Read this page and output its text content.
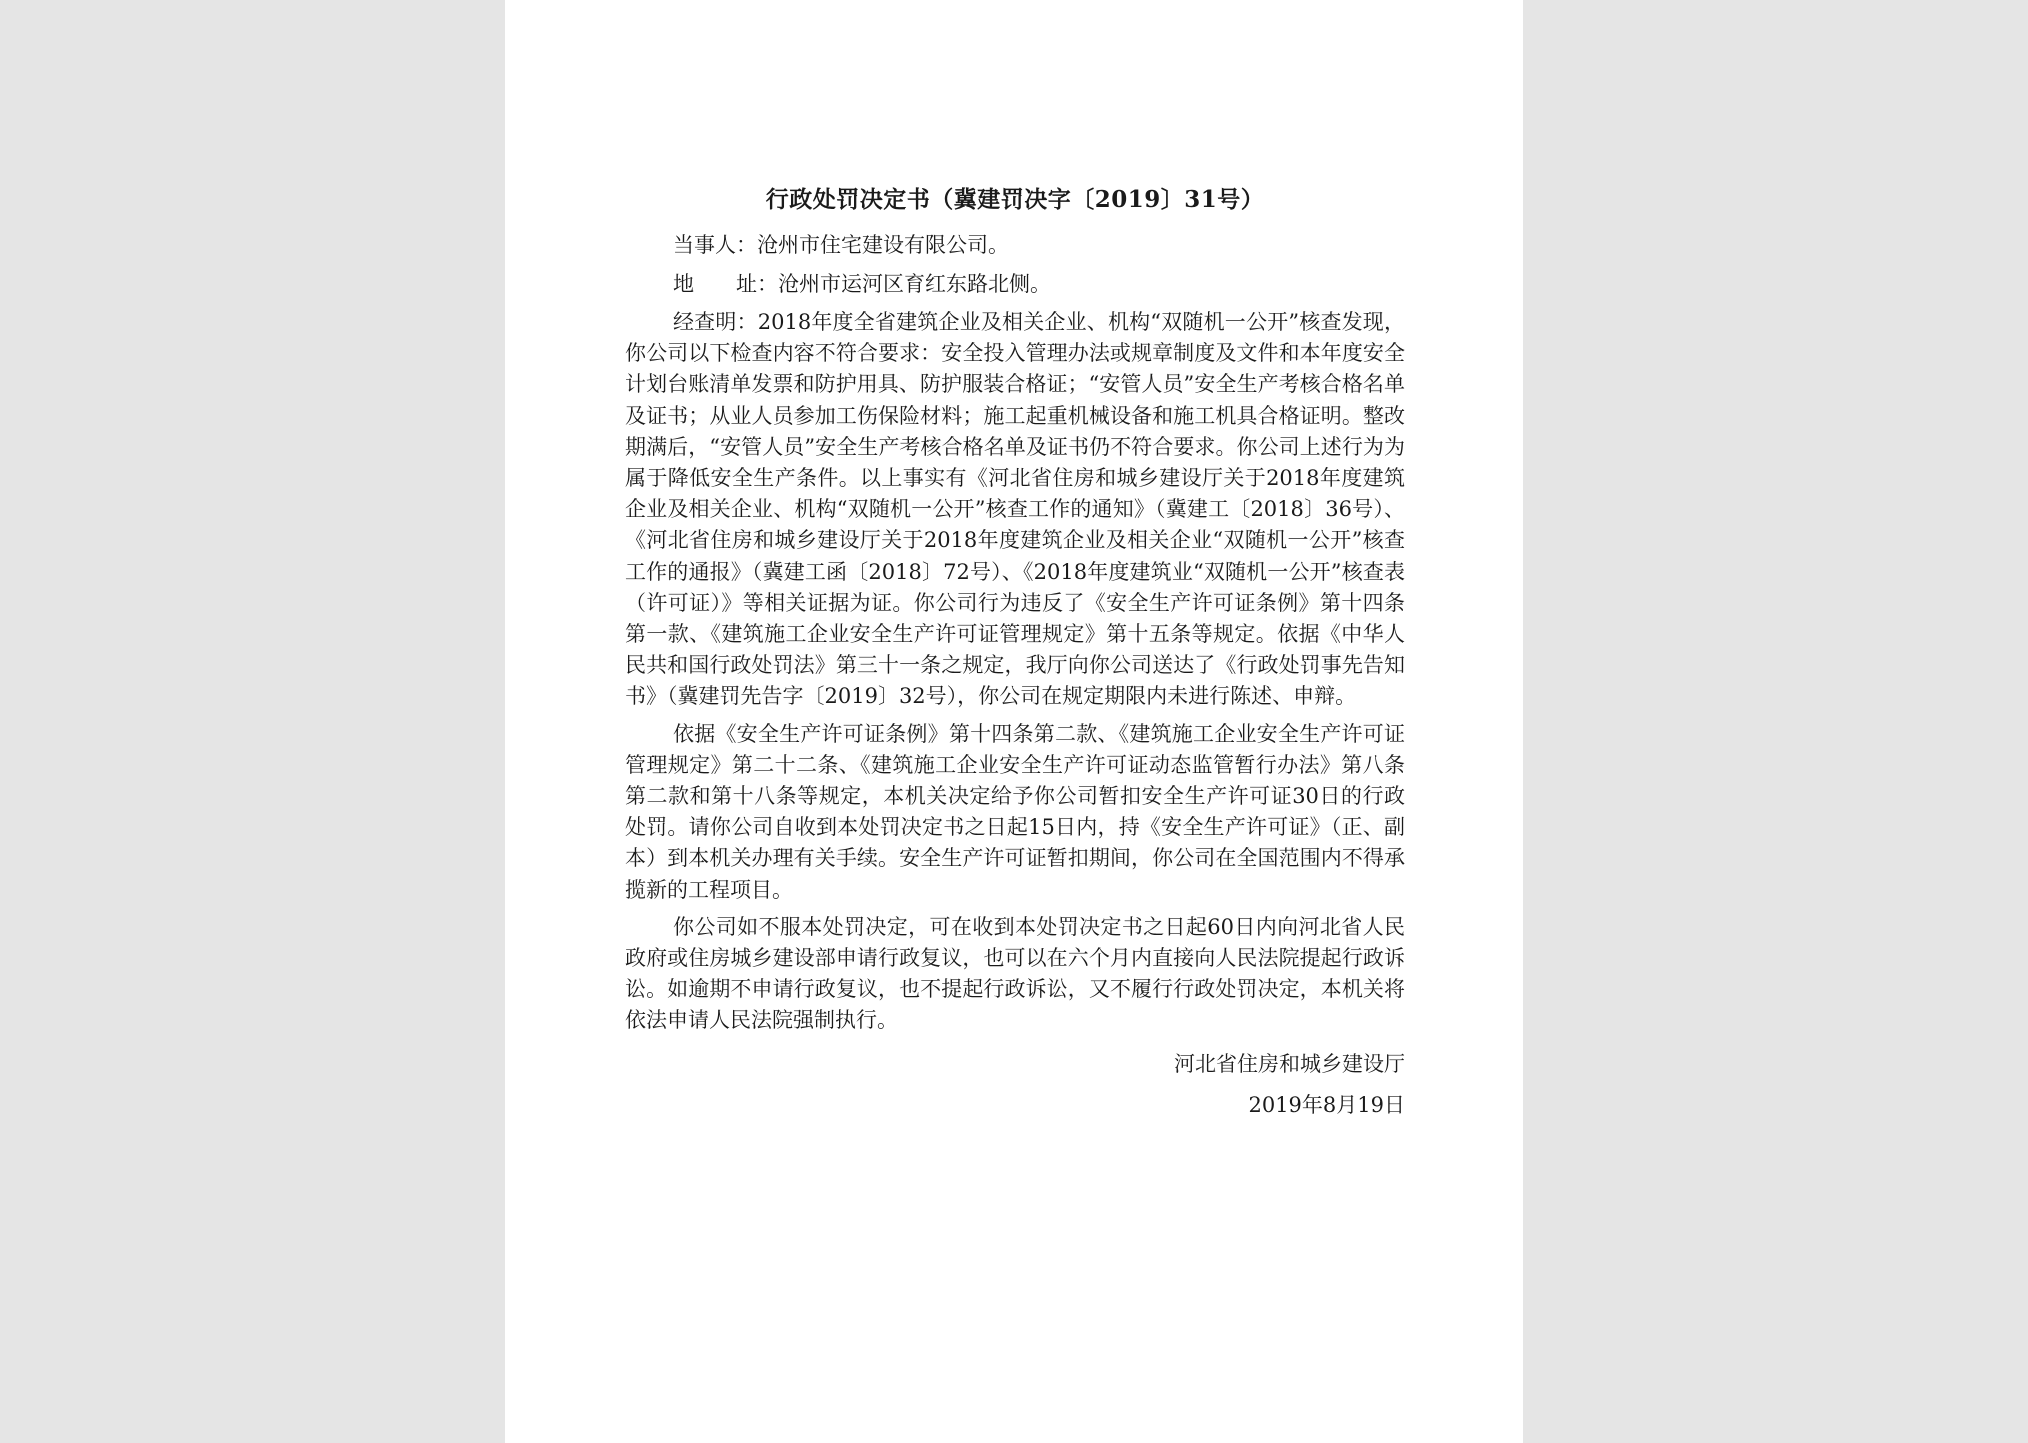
行政处罚决定书（冀建罚决字〔2019〕31号）
当事人：沧州市住宅建设有限公司。
地　　址：沧州市运河区育红东路北侧。

经查明：2018年度全省建筑企业及相关企业、机构“双随机一公开”核查发现，你公司以下检查内容不符合要求：安全投入管理办法或规章制度及文件和本年度安全计划台账清单发票和防护用具、防护服装合格证；“安管人员”安全生产考核合格名单及证书；从业人员参加工伤保险材料；施工起重机械设备和施工机具合格证明。整改期满后，“安管人员”安全生产考核合格名单及证书仍不符合要求。你公司上述行为为属于降低安全生产条件。以上事实有《河北省住房和城乡建设厅关于2018年度建筑企业及相关企业、机构“双随机一公开”核查工作的通知》（冀建工〔2018〕36号）、《河北省住房和城乡建设厅关于2018年度建筑企业及相关企业“双随机一公开”核查工作的通报》（冀建工函〔2018〕72号）、《2018年度建筑业“双随机一公开”核查表（许可证）》等相关证据为证。你公司行为违反了《安全生产许可证条例》第十四条第一款、《建筑施工企业安全生产许可证管理规定》第十五条等规定。依据《中华人民共和国行政处罚法》第三十一条之规定，我厅向你公司送达了《行政处罚事先告知书》（冀建罚先告字〔2019〕32号），你公司在规定期限内未进行陈述、申辩。

依据《安全生产许可证条例》第十四条第二款、《建筑施工企业安全生产许可证管理规定》第二十二条、《建筑施工企业安全生产许可证动态监管暂行办法》第八条第二款和第十八条等规定，本机关决定给予你公司暂扣安全生产许可证30日的行政处罚。请你公司自收到本处罚决定书之日起15日内，持《安全生产许可证》（正、副本）到本机关办理有关手续。安全生产许可证暂扣期间，你公司在全国范围内不得承揽新的工程项目。

你公司如不服本处罚决定，可在收到本处罚决定书之日起60日内向河北省人民政府或住房城乡建设部申请行政复议，也可以在六个月内直接向人民法院提起行政诉讼。如逾期不申请行政复议，也不提起行政诉讼，又不履行行政处罚决定，本机关将依法申请人民法院强制执行。

河北省住房和城乡建设厅
2019年8月19日
